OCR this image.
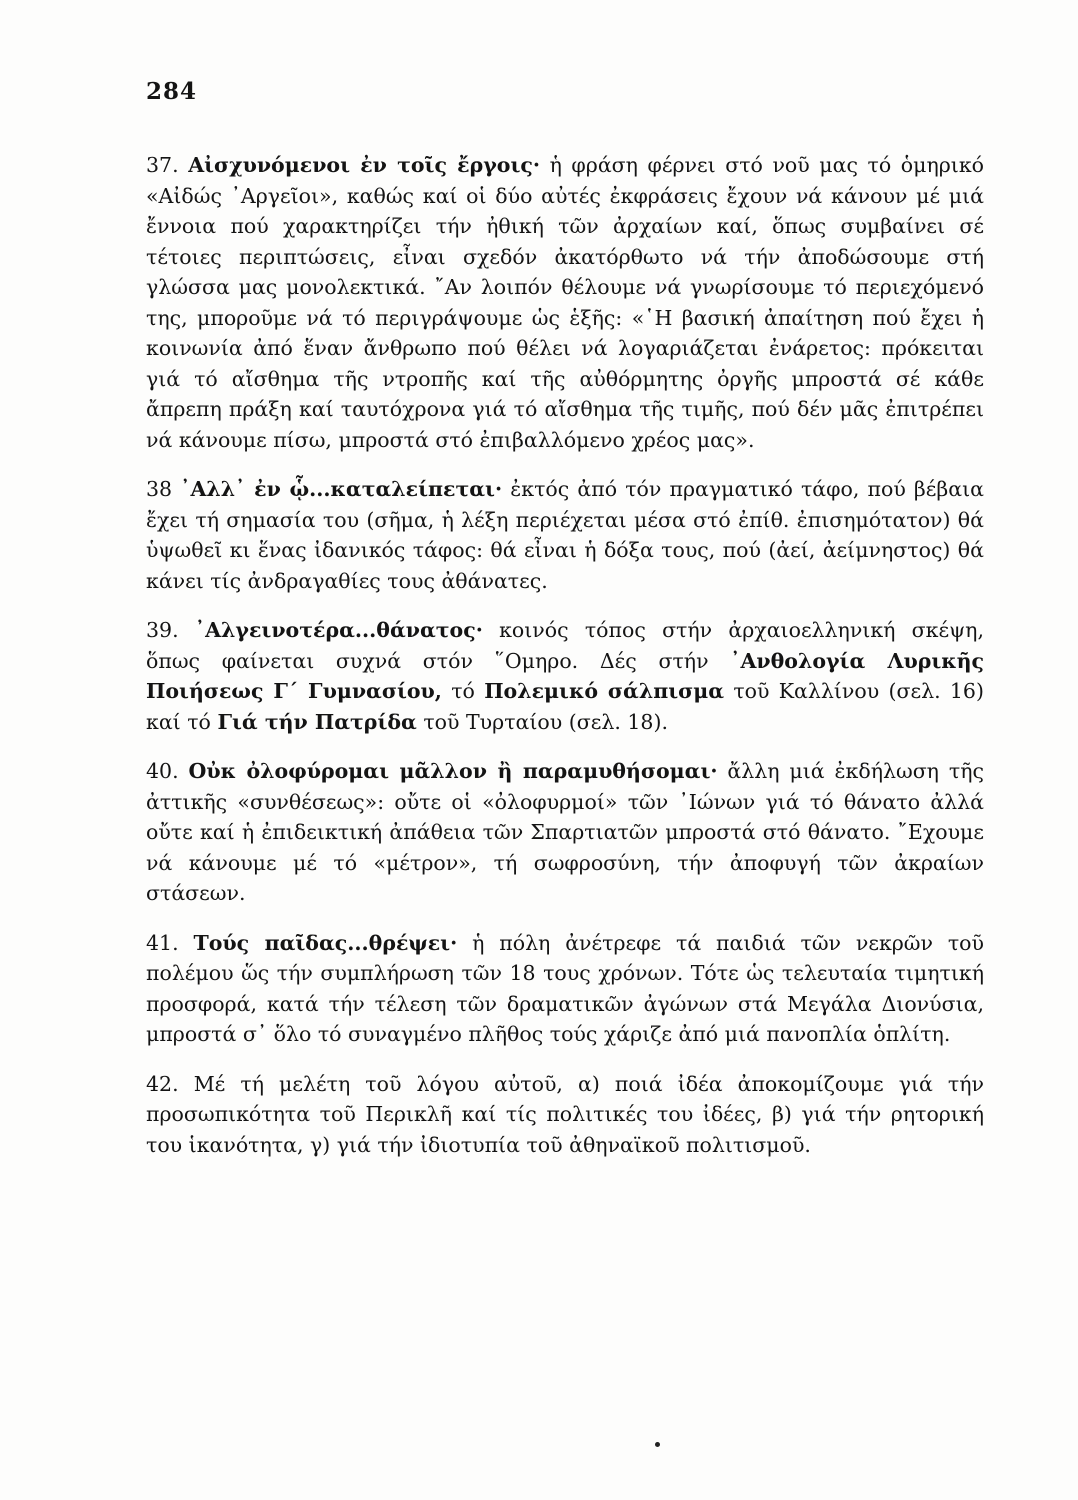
284

37. Αἰσχυνόμενοι ἐν τοῖς ἔργοις· ἡ φράση φέρνει στό νοῦ μας τό ὁμηρικό «Αἰδώς ᾿Αργεῖοι», καθώς καί οἱ δύο αὐτές ἐκφράσεις ἔχουν νά κάνουν μέ μιά ἔννοια πού χαρακτηρίζει τήν ἠθική τῶν ἀρχαίων καί, ὅπως συμβαίνει σέ τέτοιες περιπτώσεις, εἶναι σχεδόν ἀκατόρθωτο νά τήν ἀποδώσουμε στή γλώσσα μας μονολεκτικά. ῎Αν λοιπόν θέλουμε νά γνωρίσουμε τό περιεχόμενό της, μποροῦμε νά τό περιγράψουμε ὡς ἑξῆς: «῾Η βασική ἀπαίτηση πού ἔχει ἡ κοινωνία ἀπό ἕναν ἄνθρωπο πού θέλει νά λογαριάζεται ἐνάρετος: πρόκειται γιά τό αἴσθημα τῆς ντροπῆς καί τῆς αὐθόρμητης ὀργῆς μπροστά σέ κάθε ἄπρεπη πράξη καί ταυτόχρονα γιά τό αἴσθημα τῆς τιμῆς, πού δέν μᾶς ἐπιτρέπει νά κάνουμε πίσω, μπροστά στό ἐπιβαλλόμενο χρέος μας».

38 ᾿Αλλ᾿ ἐν ᾧ...καταλείπεται· ἐκτός ἀπό τόν πραγματικό τάφο, πού βέβαια ἔχει τή σημασία του (σῆμα, ἡ λέξη περιέχεται μέσα στό ἐπίθ. ἐπισημότατον) θά ὑψωθεῖ κι ἕνας ἰδανικός τάφος: θά εἶναι ἡ δόξα τους, πού (ἀεί, ἀείμνηστος) θά κάνει τίς ἀνδραγαθίες τους ἀθάνατες.

39. ᾿Αλγεινοτέρα...θάνατος· κοινός τόπος στήν ἀρχαιοελληνική σκέψη, ὅπως φαίνεται συχνά στόν ῞Ομηρο. Δές στήν ᾿Ανθολογία Λυρικῆς Ποιήσεως Γ´ Γυμνασίου, τό Πολεμικό σάλπισμα τοῦ Καλλίνου (σελ. 16) καί τό Γιά τήν Πατρίδα τοῦ Τυρταίου (σελ. 18).

40. Οὐκ ὀλοφύρομαι μᾶλλον ἢ παραμυθήσομαι· ἄλλη μιά ἐκδήλωση τῆς ἀττικῆς «συνθέσεως»: οὔτε οἱ «ὀλοφυρμοί» τῶν ᾿Ιώνων γιά τό θάνατο ἀλλά οὔτε καί ἡ ἐπιδεικτική ἀπάθεια τῶν Σπαρτιατῶν μπροστά στό θάνατο. ῎Εχουμε νά κάνουμε μέ τό «μέτρον», τή σωφροσύνη, τήν ἀποφυγή τῶν ἀκραίων στάσεων.

41. Τούς παῖδας...θρέψει· ἡ πόλη ἀνέτρεφε τά παιδιά τῶν νεκρῶν τοῦ πολέμου ὥς τήν συμπλήρωση τῶν 18 τους χρόνων. Τότε ὡς τελευταία τιμητική προσφορά, κατά τήν τέλεση τῶν δραματικῶν ἀγώνων στά Μεγάλα Διονύσια, μπροστά σ᾿ ὅλο τό συναγμένο πλῆθος τούς χάριζε ἀπό μιά πανοπλία ὁπλίτη.

42. Μέ τή μελέτη τοῦ λόγου αὐτοῦ, α) ποιά ἰδέα ἀποκομίζουμε γιά τήν προσωπικότητα τοῦ Περικλῆ καί τίς πολιτικές του ἰδέες, β) γιά τήν ρητορική του ἱκανότητα, γ) γιά τήν ἰδιοτυπία τοῦ ἀθηναϊκοῦ πολιτισμοῦ.
